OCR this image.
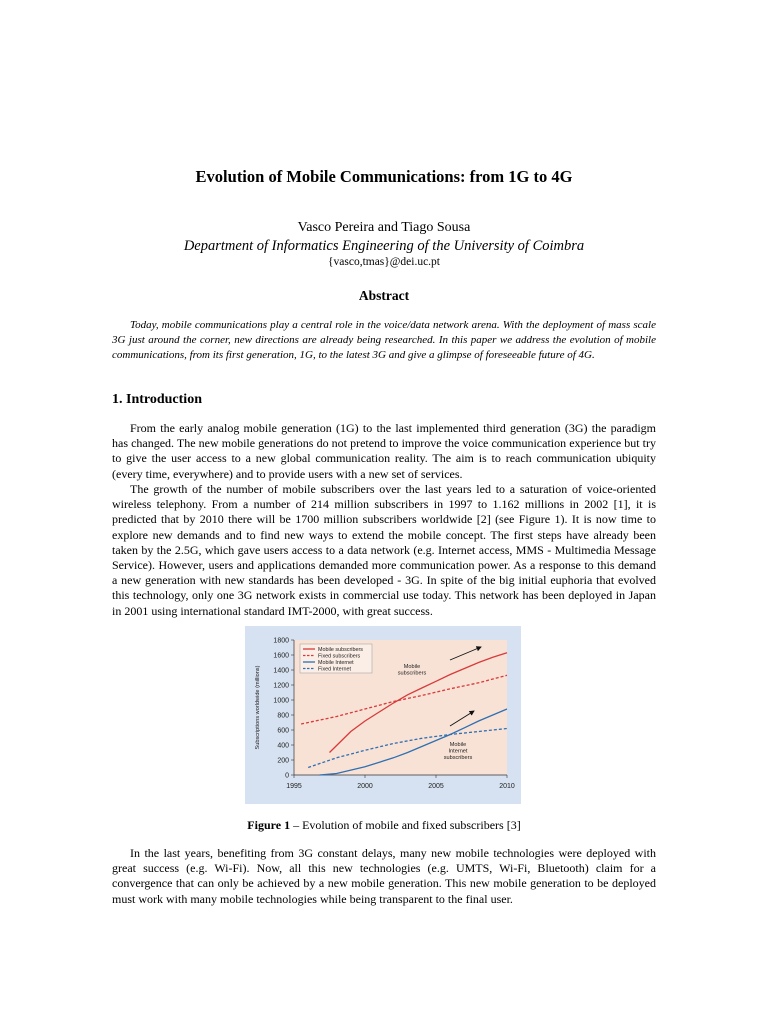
Evolution of Mobile Communications: from 1G to 4G
Vasco Pereira and Tiago Sousa
Department of Informatics Engineering of the University of Coimbra
{vasco,tmas}@dei.uc.pt
Abstract

Today, mobile communications play a central role in the voice/data network arena. With the deployment of mass scale 3G just around the corner, new directions are already being researched. In this paper we address the evolution of mobile communications, from its first generation, 1G, to the latest 3G and give a glimpse of foreseeable future of 4G.

1. Introduction

From the early analog mobile generation (1G) to the last implemented third generation (3G) the paradigm has changed. The new mobile generations do not pretend to improve the voice communication experience but try to give the user access to a new global communication reality. The aim is to reach communication ubiquity (every time, everywhere) and to provide users with a new set of services.

The growth of the number of mobile subscribers over the last years led to a saturation of voice-oriented wireless telephony. From a number of 214 million subscribers in 1997 to 1.162 millions in 2002 [1], it is predicted that by 2010 there will be 1700 million subscribers worldwide [2] (see Figure 1). It is now time to explore new demands and to find new ways to extend the mobile concept. The first steps have already been taken by the 2.5G, which gave users access to a data network (e.g. Internet access, MMS - Multimedia Message Service). However, users and applications demanded more communication power. As a response to this demand a new generation with new standards has been developed - 3G. In spite of the big initial euphoria that evolved this technology, only one 3G network exists in commercial use today. This network has been deployed in Japan in 2001 using international standard IMT-2000, with great success.

0
200
400
600
800
1000
1200
1400
1600
1800
1995	2000	2005	2010
Subscriptions worldwide (millions)
Mobile subscribers
Fixed subscribers
Mobile Internet
Fixed Internet	Mobile subscribers
Mobile Internet subscribers
Figure 1 – Evolution of mobile and fixed subscribers [3]

In the last years, benefiting from 3G constant delays, many new mobile technologies were deployed with great success (e.g. Wi-Fi). Now, all this new technologies (e.g. UMTS, Wi-Fi, Bluetooth) claim for a convergence that can only be achieved by a new mobile generation. This new mobile generation to be deployed must work with many mobile technologies while being transparent to the final user.
